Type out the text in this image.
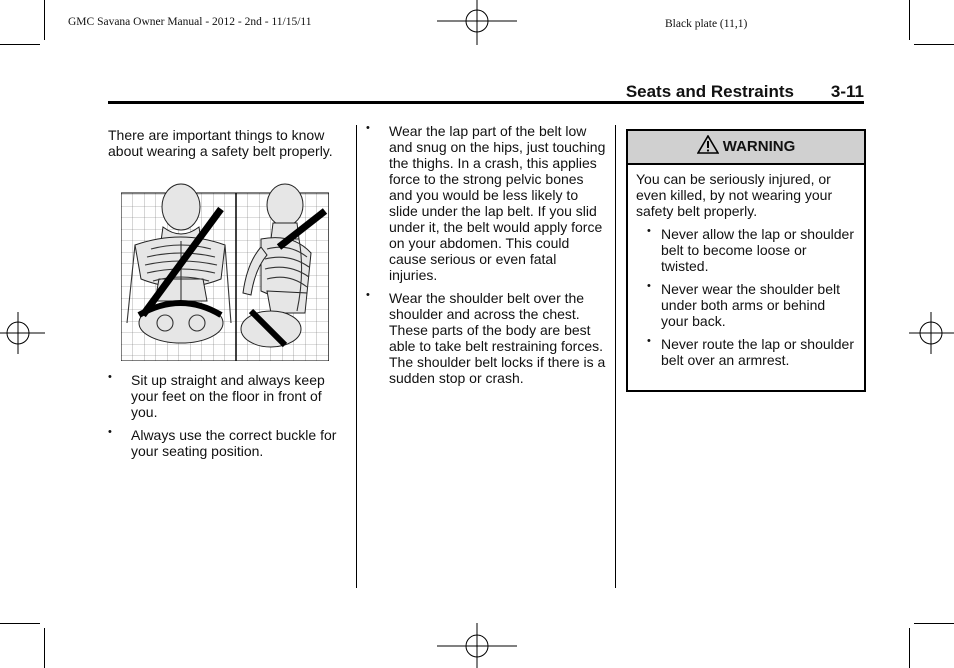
GMC Savana Owner Manual - 2012 - 2nd - 11/15/11	Black plate (11,1)
Seats and Restraints 3-11

There are important things to know about wearing a safety belt properly.

• Sit up straight and always keep your feet on the floor in front of you.
• Always use the correct buckle for your seating position.
• Wear the lap part of the belt low and snug on the hips, just touching the thighs. In a crash, this applies force to the strong pelvic bones and you would be less likely to slide under the lap belt. If you slid under it, the belt would apply force on your abdomen. This could cause serious or even fatal injuries.
• Wear the shoulder belt over the shoulder and across the chest. These parts of the body are best able to take belt restraining forces. The shoulder belt locks if there is a sudden stop or crash.
WARNING

You can be seriously injured, or even killed, by not wearing your safety belt properly.

• Never allow the lap or shoulder belt to become loose or twisted.
• Never wear the shoulder belt under both arms or behind your back.
• Never route the lap or shoulder belt over an armrest.
